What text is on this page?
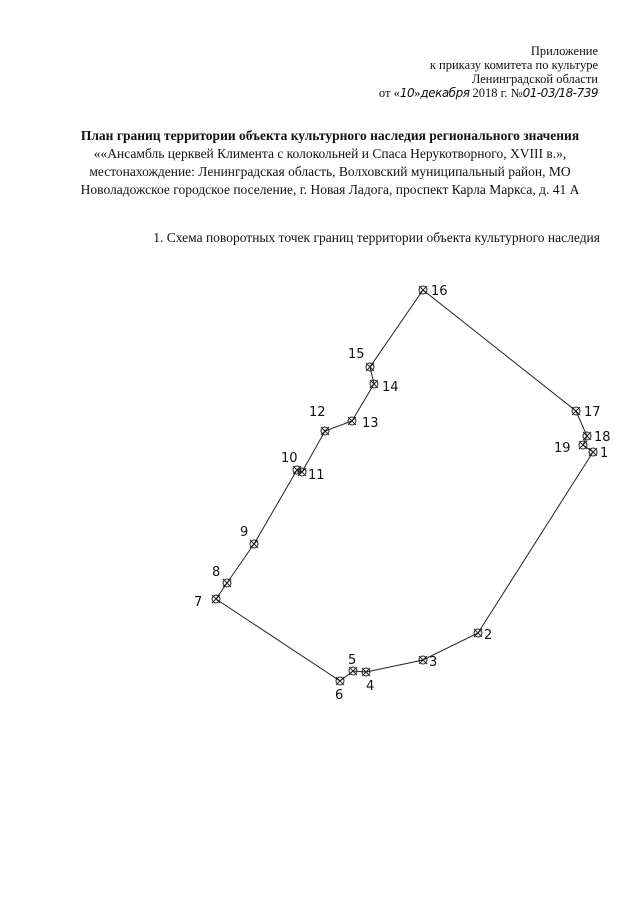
Приложение
к приказу комитета по культуре
Ленинградской области
от «10»декабря 2018 г. №01-03/18-739
План границ территории объекта культурного наследия регионального значения ««Ансамбль церквей Климента с колокольней и Спаса Нерукотворного, XVIII в.», местонахождение: Ленинградская область, Волховский муниципальный район, МО Новоладожское городское поселение, г. Новая Ладога, проспект Карла Маркса, д. 41 А
1. Схема поворотных точек границ территории объекта культурного наследия
1
2
3
4
5
6
7
8
9
10
11
12
13
14
15
16
17
18
19
